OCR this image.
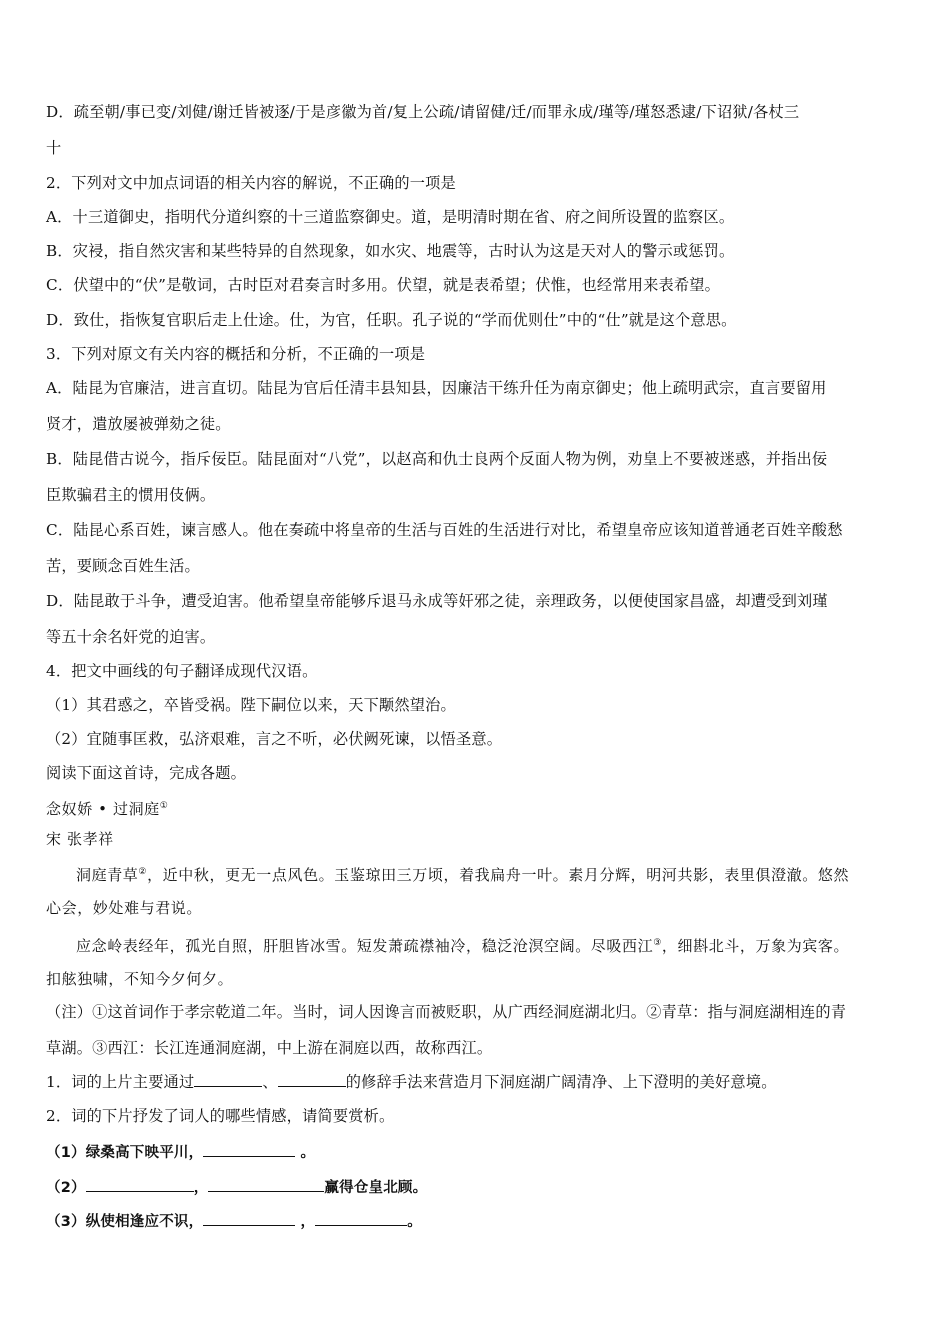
D．疏至朝/事已变/刘健/谢迁皆被逐/于是彦徽为首/复上公疏/请留健/迁/而罪永成/瑾等/瑾怒悉逮/下诏狱/各杖三
十
2．下列对文中加点词语的相关内容的解说，不正确的一项是
A．十三道御史，指明代分道纠察的十三道监察御史。道，是明清时期在省、府之间所设置的监察区。
B．灾祲，指自然灾害和某些特异的自然现象，如水灾、地震等，古时认为这是天对人的警示或惩罚。
C．伏望中的“伏”是敬词，古时臣对君奏言时多用。伏望，就是表希望；伏惟，也经常用来表希望。
D．致仕，指恢复官职后走上仕途。仕，为官，任职。孔子说的“学而优则仕”中的“仕”就是这个意思。
3．下列对原文有关内容的概括和分析，不正确的一项是
A．陆昆为官廉洁，进言直切。陆昆为官后任清丰县知县，因廉洁干练升任为南京御史；他上疏明武宗，直言要留用
贤才，遣放屡被弹劾之徒。
B．陆昆借古说今，指斥佞臣。陆昆面对“八党”，以赵高和仇士良两个反面人物为例，劝皇上不要被迷惑，并指出佞
臣欺骗君主的惯用伎俩。
C．陆昆心系百姓，谏言感人。他在奏疏中将皇帝的生活与百姓的生活进行对比，希望皇帝应该知道普通老百姓辛酸愁
苦，要顾念百姓生活。
D．陆昆敢于斗争，遭受迫害。他希望皇帝能够斥退马永成等奸邪之徒，亲理政务，以便使国家昌盛，却遭受到刘瑾
等五十余名奸党的迫害。
4．把文中画线的句子翻译成现代汉语。
（1）其君惑之，卒皆受祸。陛下嗣位以来，天下颙然望治。
（2）宜随事匡救，弘济艰难，言之不听，必伏阙死谏，以悟圣意。
阅读下面这首诗，完成各题。
念奴娇 • 过洞庭①
宋 张孝祥
洞庭青草②，近中秋，更无一点风色。玉鉴琼田三万顷，着我扁舟一叶。素月分辉，明河共影，表里俱澄澈。悠然
心会，妙处难与君说。
应念岭表经年，孤光自照，肝胆皆冰雪。短发萧疏襟袖冷，稳泛沧溟空阔。尽吸西江③，细斟北斗，万象为宾客。
扣舷独啸，不知今夕何夕。
（注）①这首词作于孝宗乾道二年。当时，词人因谗言而被贬职，从广西经洞庭湖北归。②青草：指与洞庭湖相连的青
草湖。③西江：长江连通洞庭湖，中上游在洞庭以西，故称西江。
1．词的上片主要通过	、	的修辞手法来营造月下洞庭湖广阔清净、上下澄明的美好意境。
2．词的下片抒发了词人的哪些情感，请简要赏析。
（1）绿桑高下映平川，	。
（2）	，	赢得仓皇北顾。
（3）纵使相逢应不识，	，	。
